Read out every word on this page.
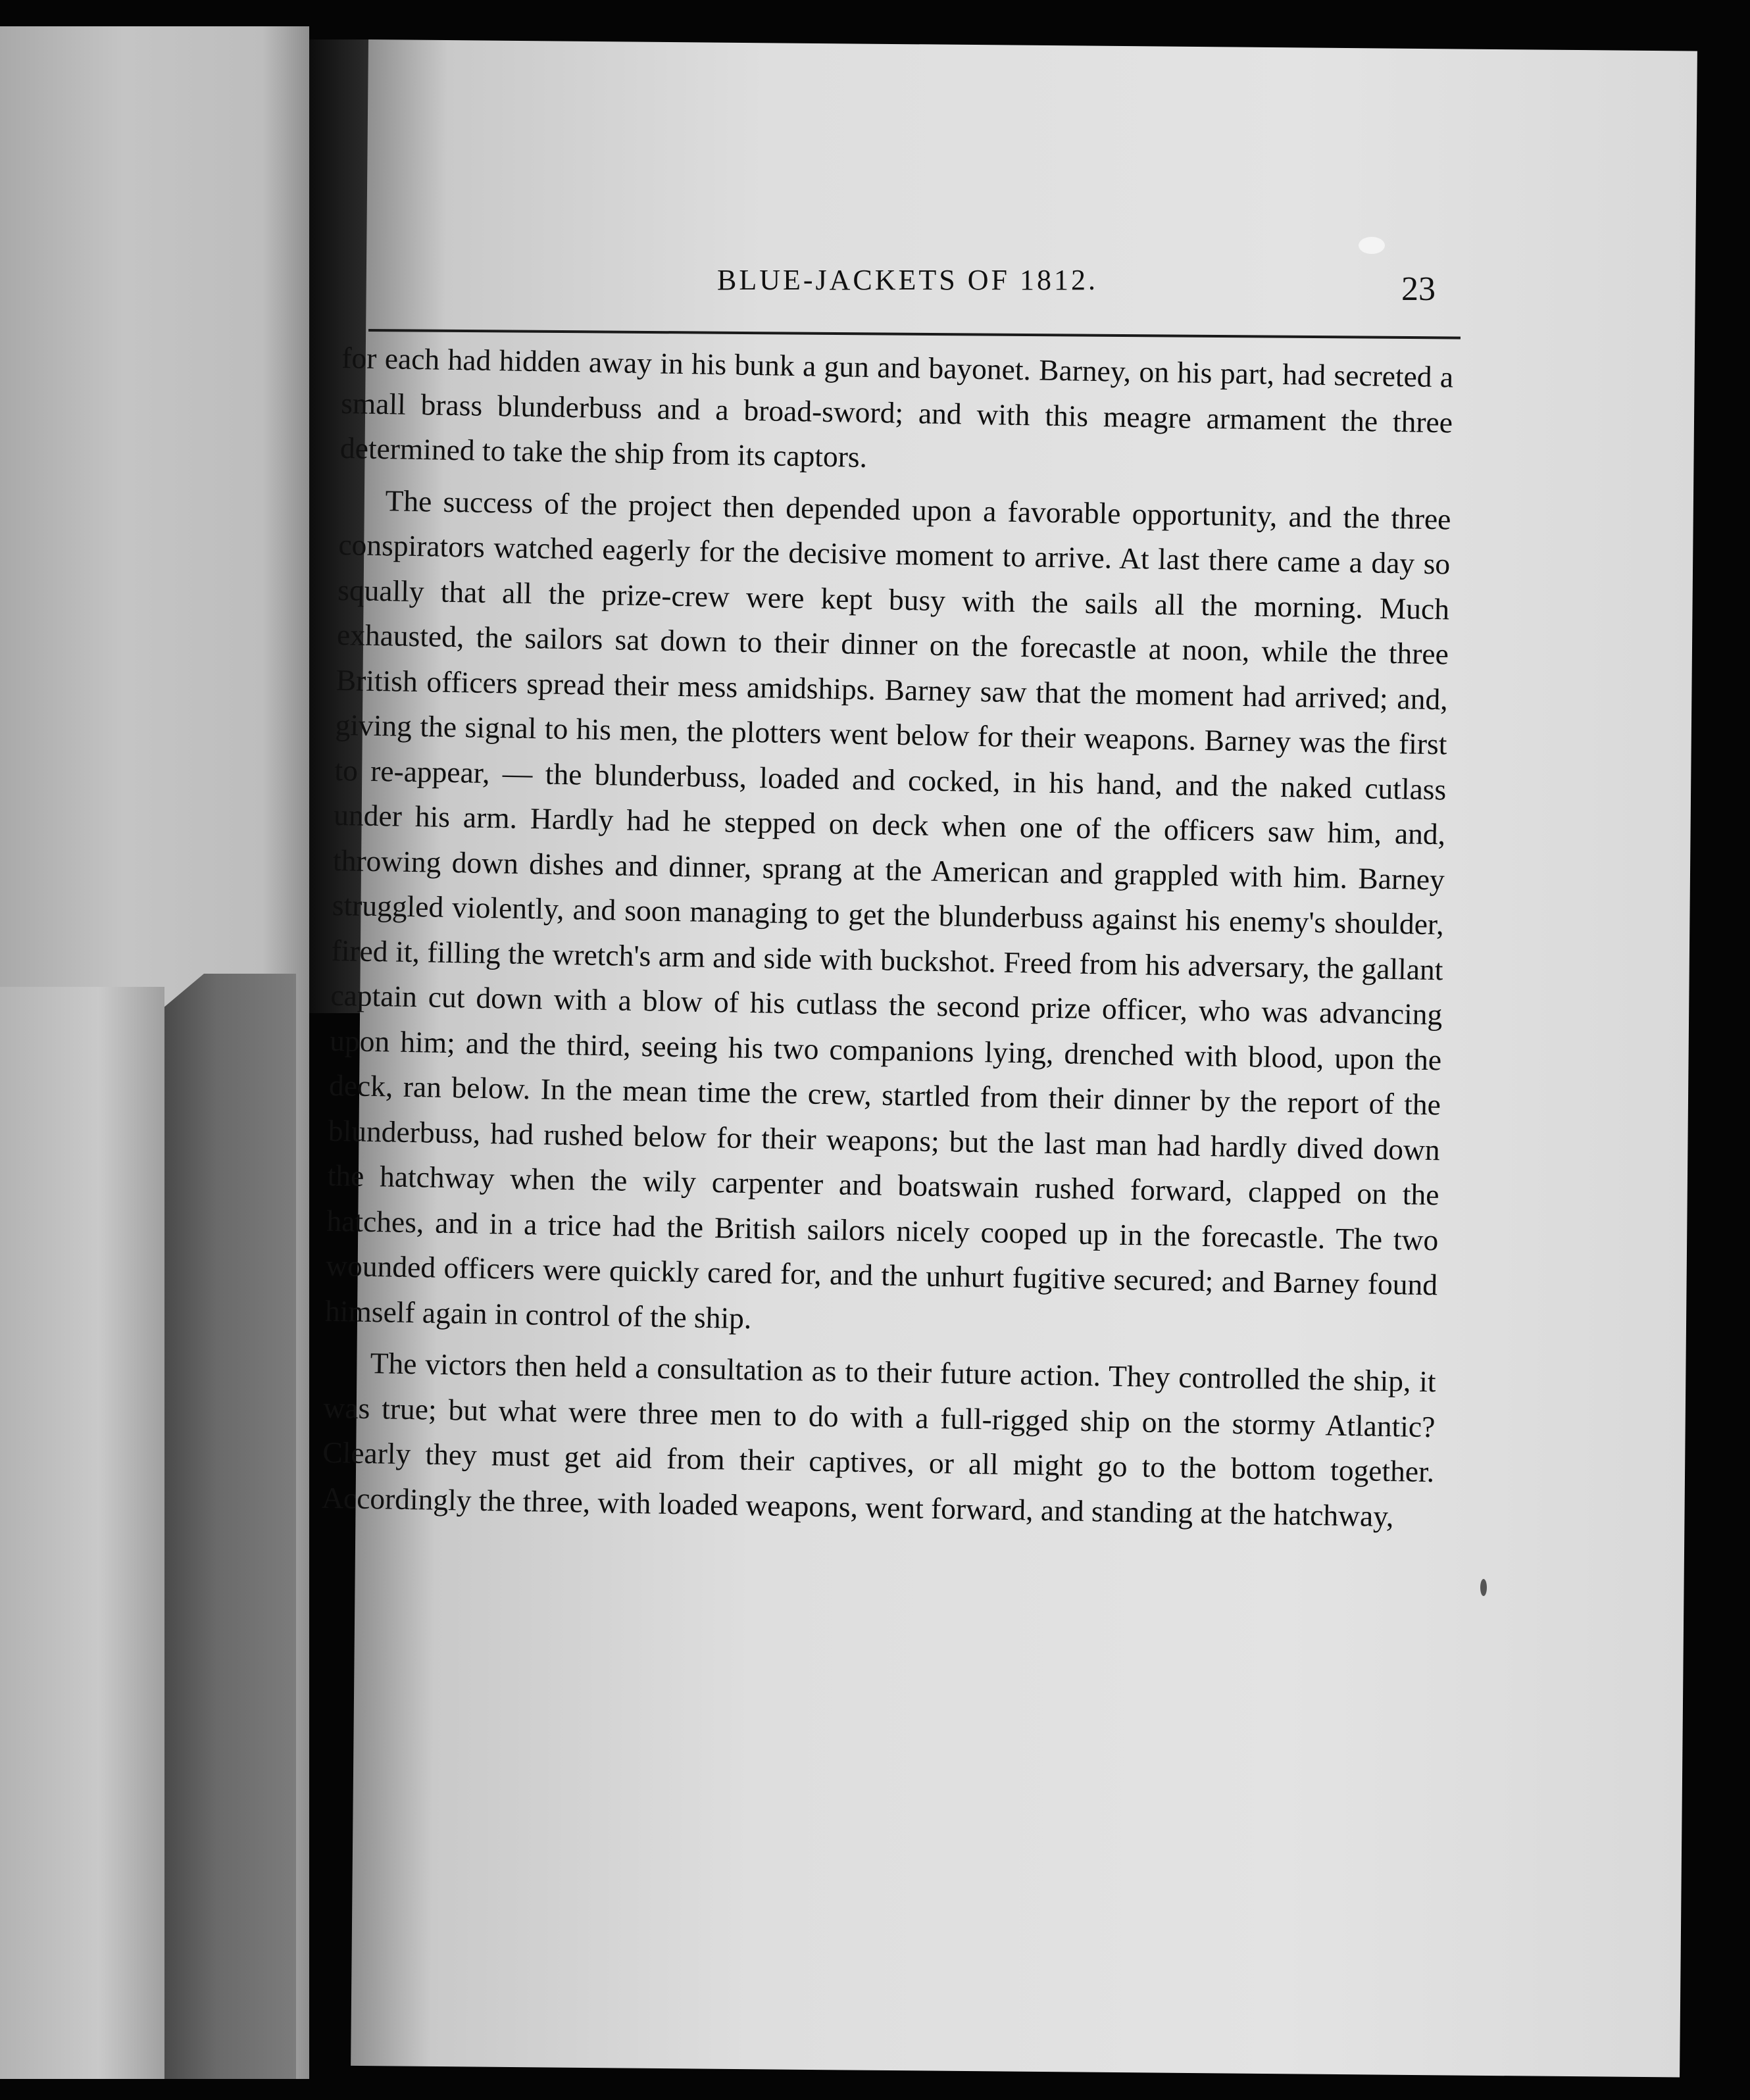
BLUE-JACKETS OF 1812.	23

for each had hidden away in his bunk a gun and bayonet. Barney, on his part, had secreted a small brass blunderbuss and a broad-sword; and with this meagre armament the three determined to take the ship from its captors.

The success of the project then depended upon a favorable opportunity, and the three conspirators watched eagerly for the decisive moment to arrive. At last there came a day so squally that all the prize-crew were kept busy with the sails all the morning. Much exhausted, the sailors sat down to their dinner on the forecastle at noon, while the three British officers spread their mess amidships. Barney saw that the moment had arrived; and, giving the signal to his men, the plotters went below for their weapons. Barney was the first to re-appear, — the blunderbuss, loaded and cocked, in his hand, and the naked cutlass under his arm. Hardly had he stepped on deck when one of the officers saw him, and, throwing down dishes and dinner, sprang at the American and grappled with him. Barney struggled violently, and soon managing to get the blunderbuss against his enemy's shoulder, fired it, filling the wretch's arm and side with buckshot. Freed from his adversary, the gallant captain cut down with a blow of his cutlass the second prize officer, who was advancing upon him; and the third, seeing his two companions lying, drenched with blood, upon the deck, ran below. In the mean time the crew, startled from their dinner by the report of the blunderbuss, had rushed below for their weapons; but the last man had hardly dived down the hatchway when the wily carpenter and boatswain rushed forward, clapped on the hatches, and in a trice had the British sailors nicely cooped up in the forecastle. The two wounded officers were quickly cared for, and the unhurt fugitive secured; and Barney found himself again in control of the ship.

The victors then held a consultation as to their future action. They controlled the ship, it was true; but what were three men to do with a full-rigged ship on the stormy Atlantic? Clearly they must get aid from their captives, or all might go to the bottom together. Accordingly the three, with loaded weapons, went forward, and standing at the hatchway,
